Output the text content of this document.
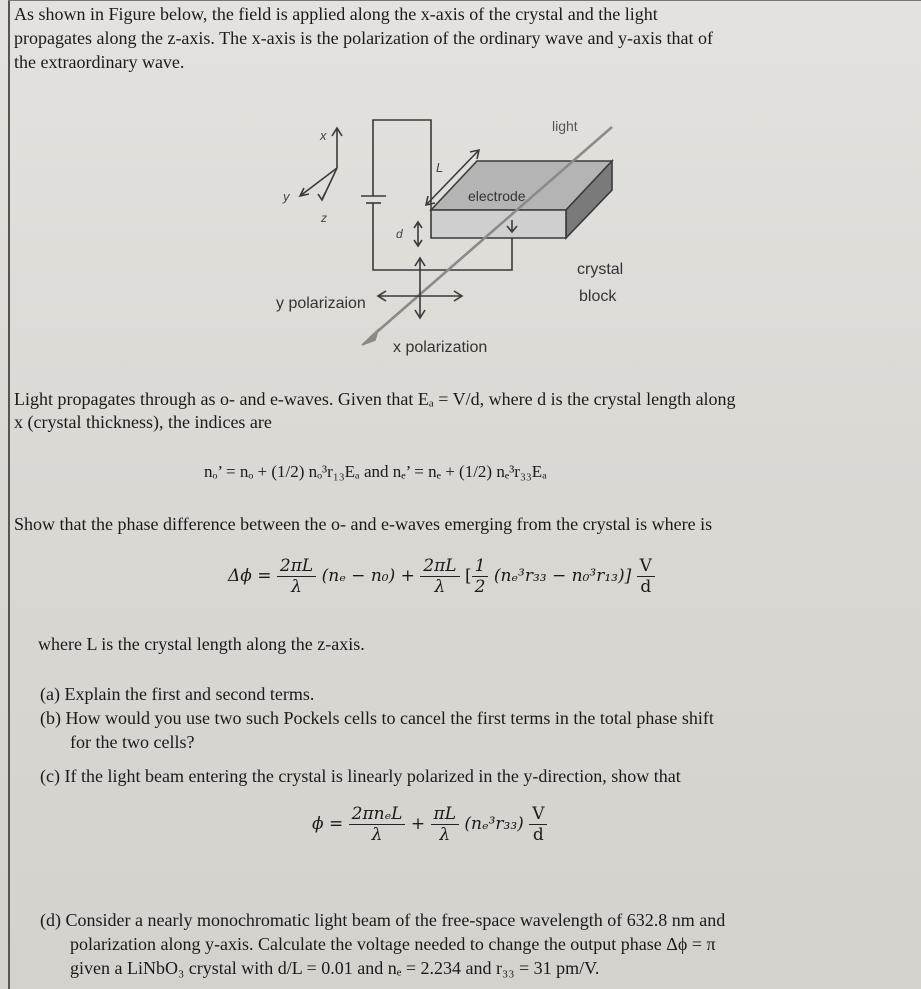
As shown in Figure below, the field is applied along the x-axis of the crystal and the light
propagates along the z-axis. The x-axis is the polarization of the ordinary wave and y-axis that of
the extraordinary wave.
x
y
z
L
d
electrode
light
crystal
block
y polarizaion
x polarization
Light propagates through as o- and e-waves. Given that Eₐ = V/d, where d is the crystal length along
x (crystal thickness), the indices are
nₒ’ = nₒ + (1/2) nₒ³r₁₃Eₐ and nₑ’ = nₑ + (1/2) nₑ³r₃₃Eₐ
Show that the phase difference between the o- and e-waves emerging from the crystal is where is
$\Delta\phi = \frac{2\pi L}{\lambda} (n_e - n_0) + \frac{2\pi L}{\lambda}$ [ $\frac{1}{2} (n_e^3r_{33} - n_0^3r_{13})] \frac{V}{d}$
where L is the crystal length along the z-axis.
(a) Explain the first and second terms.
(b) How would you use two such Pockels cells to cancel the first terms in the total phase shift
for the two cells?
(c) If the light beam entering the crystal is linearly polarized in the y-direction, show that
$\phi = \frac{\text{2πnₑL}}{\lambda} + \frac{\pi L}{\lambda} (n_e^3r_{33}) \frac{V}{d}$
(d) Consider a nearly monochromatic light beam of the free-space wavelength of 632.8 nm and
polarization along y-axis. Calculate the voltage needed to change the output phase Δϕ = π
given a LiNbO₃ crystal with d/L = 0.01 and nₑ = 2.234 and r₃₃ = 31 pm/V.
